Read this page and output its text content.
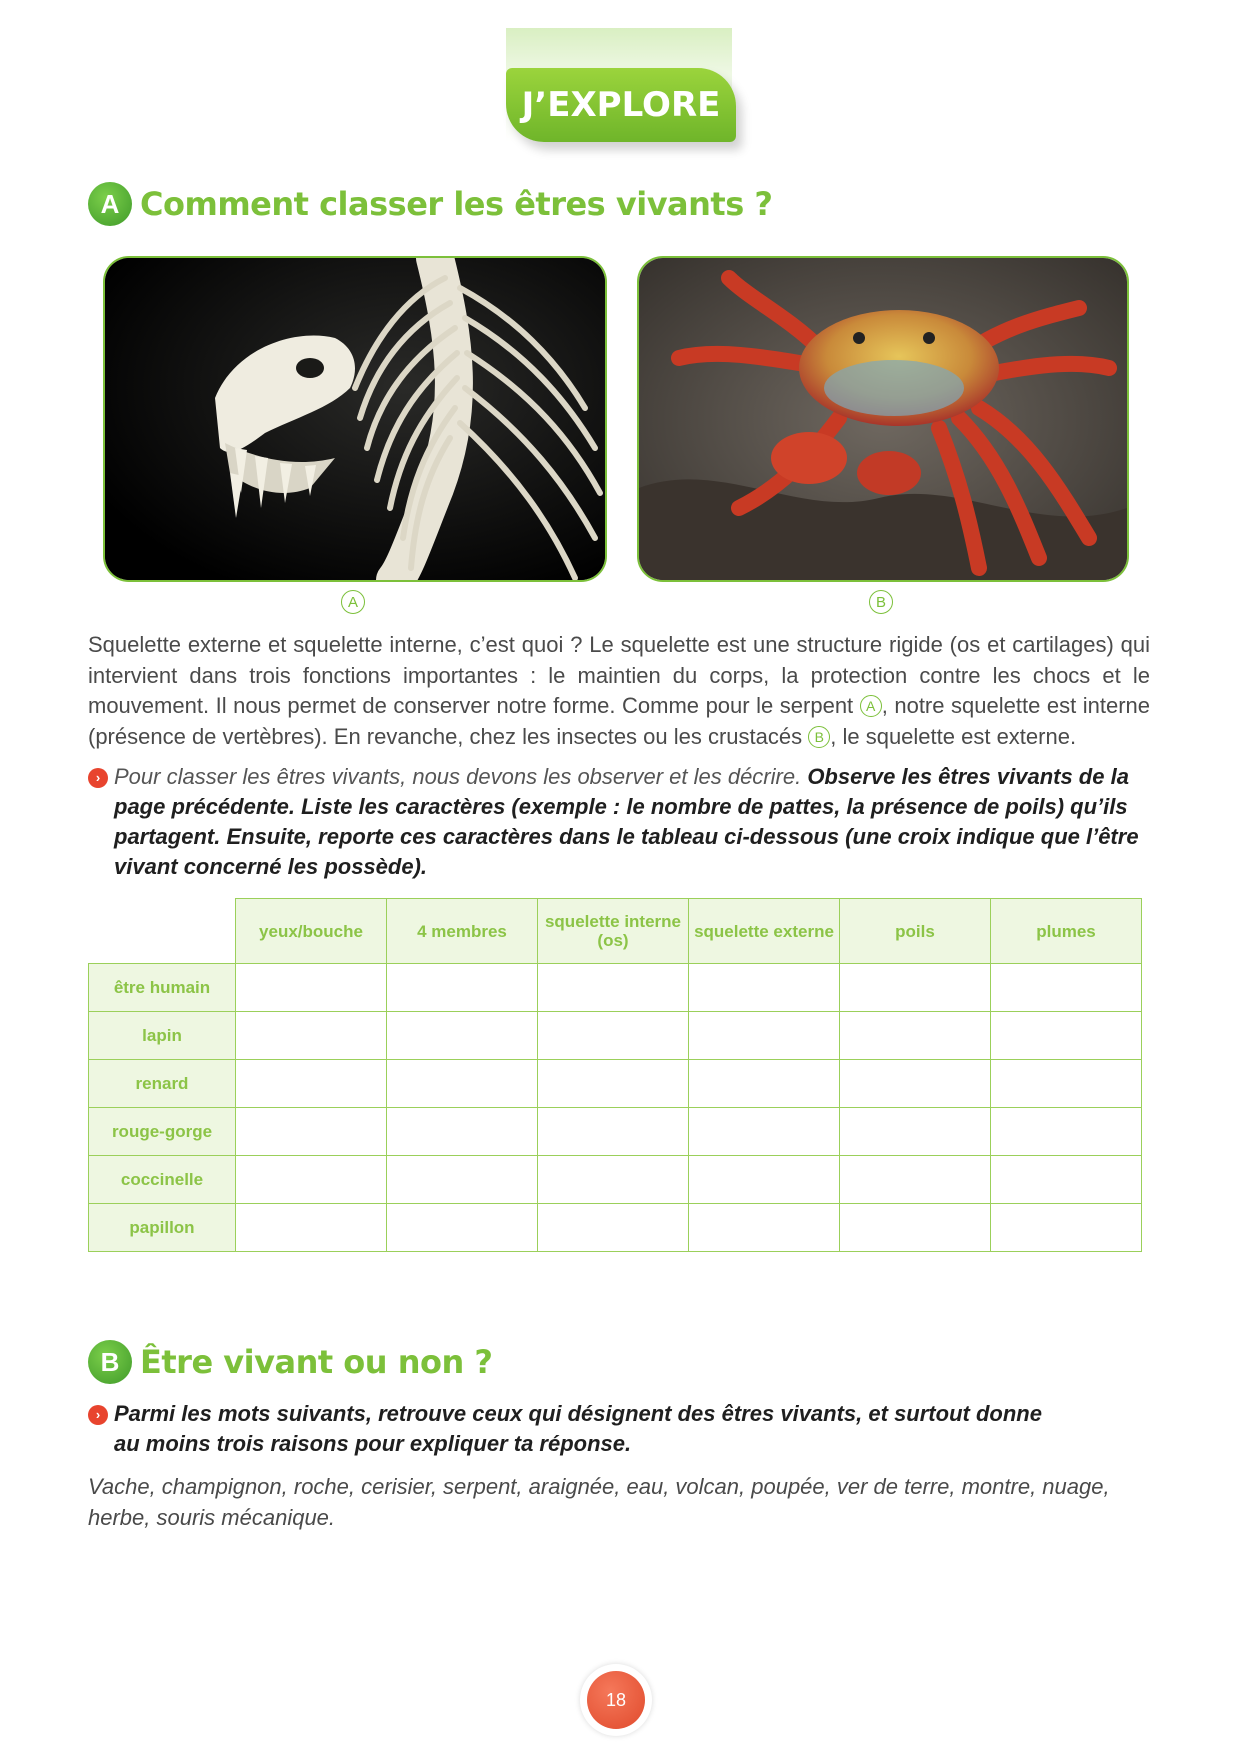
J’EXPLORE
A Comment classer les êtres vivants ?
A	B
Squelette externe et squelette interne, c’est quoi ? Le squelette est une structure rigide (os et cartilages) qui intervient dans trois fonctions importantes : le maintien du corps, la protection contre les chocs et le mouvement. Il nous permet de conserver notre forme. Comme pour le serpent A , notre squelette est interne (présence de vertèbres). En revanche, chez les insectes ou les crustacés B , le squelette est externe.
› Pour classer les êtres vivants, nous devons les observer et les décrire. Observe les êtres vivants de la page précédente. Liste les caractères (exemple : le nombre de pattes, la présence de poils) qu’ils partagent. Ensuite, reporte ces caractères dans le tableau ci-dessous (une croix indique que l’être vivant concerné les possède).
	yeux/bouche	4 membres	squelette interne (os)	squelette externe	poils	plumes
être humain						
lapin						
renard						
rouge-gorge						
coccinelle						
papillon						
B Être vivant ou non ?
› Parmi les mots suivants, retrouve ceux qui désignent des êtres vivants, et surtout donne au moins trois raisons pour expliquer ta réponse.
Vache, champignon, roche, cerisier, serpent, araignée, eau, volcan, poupée, ver de terre, montre, nuage, herbe, souris mécanique.
18
